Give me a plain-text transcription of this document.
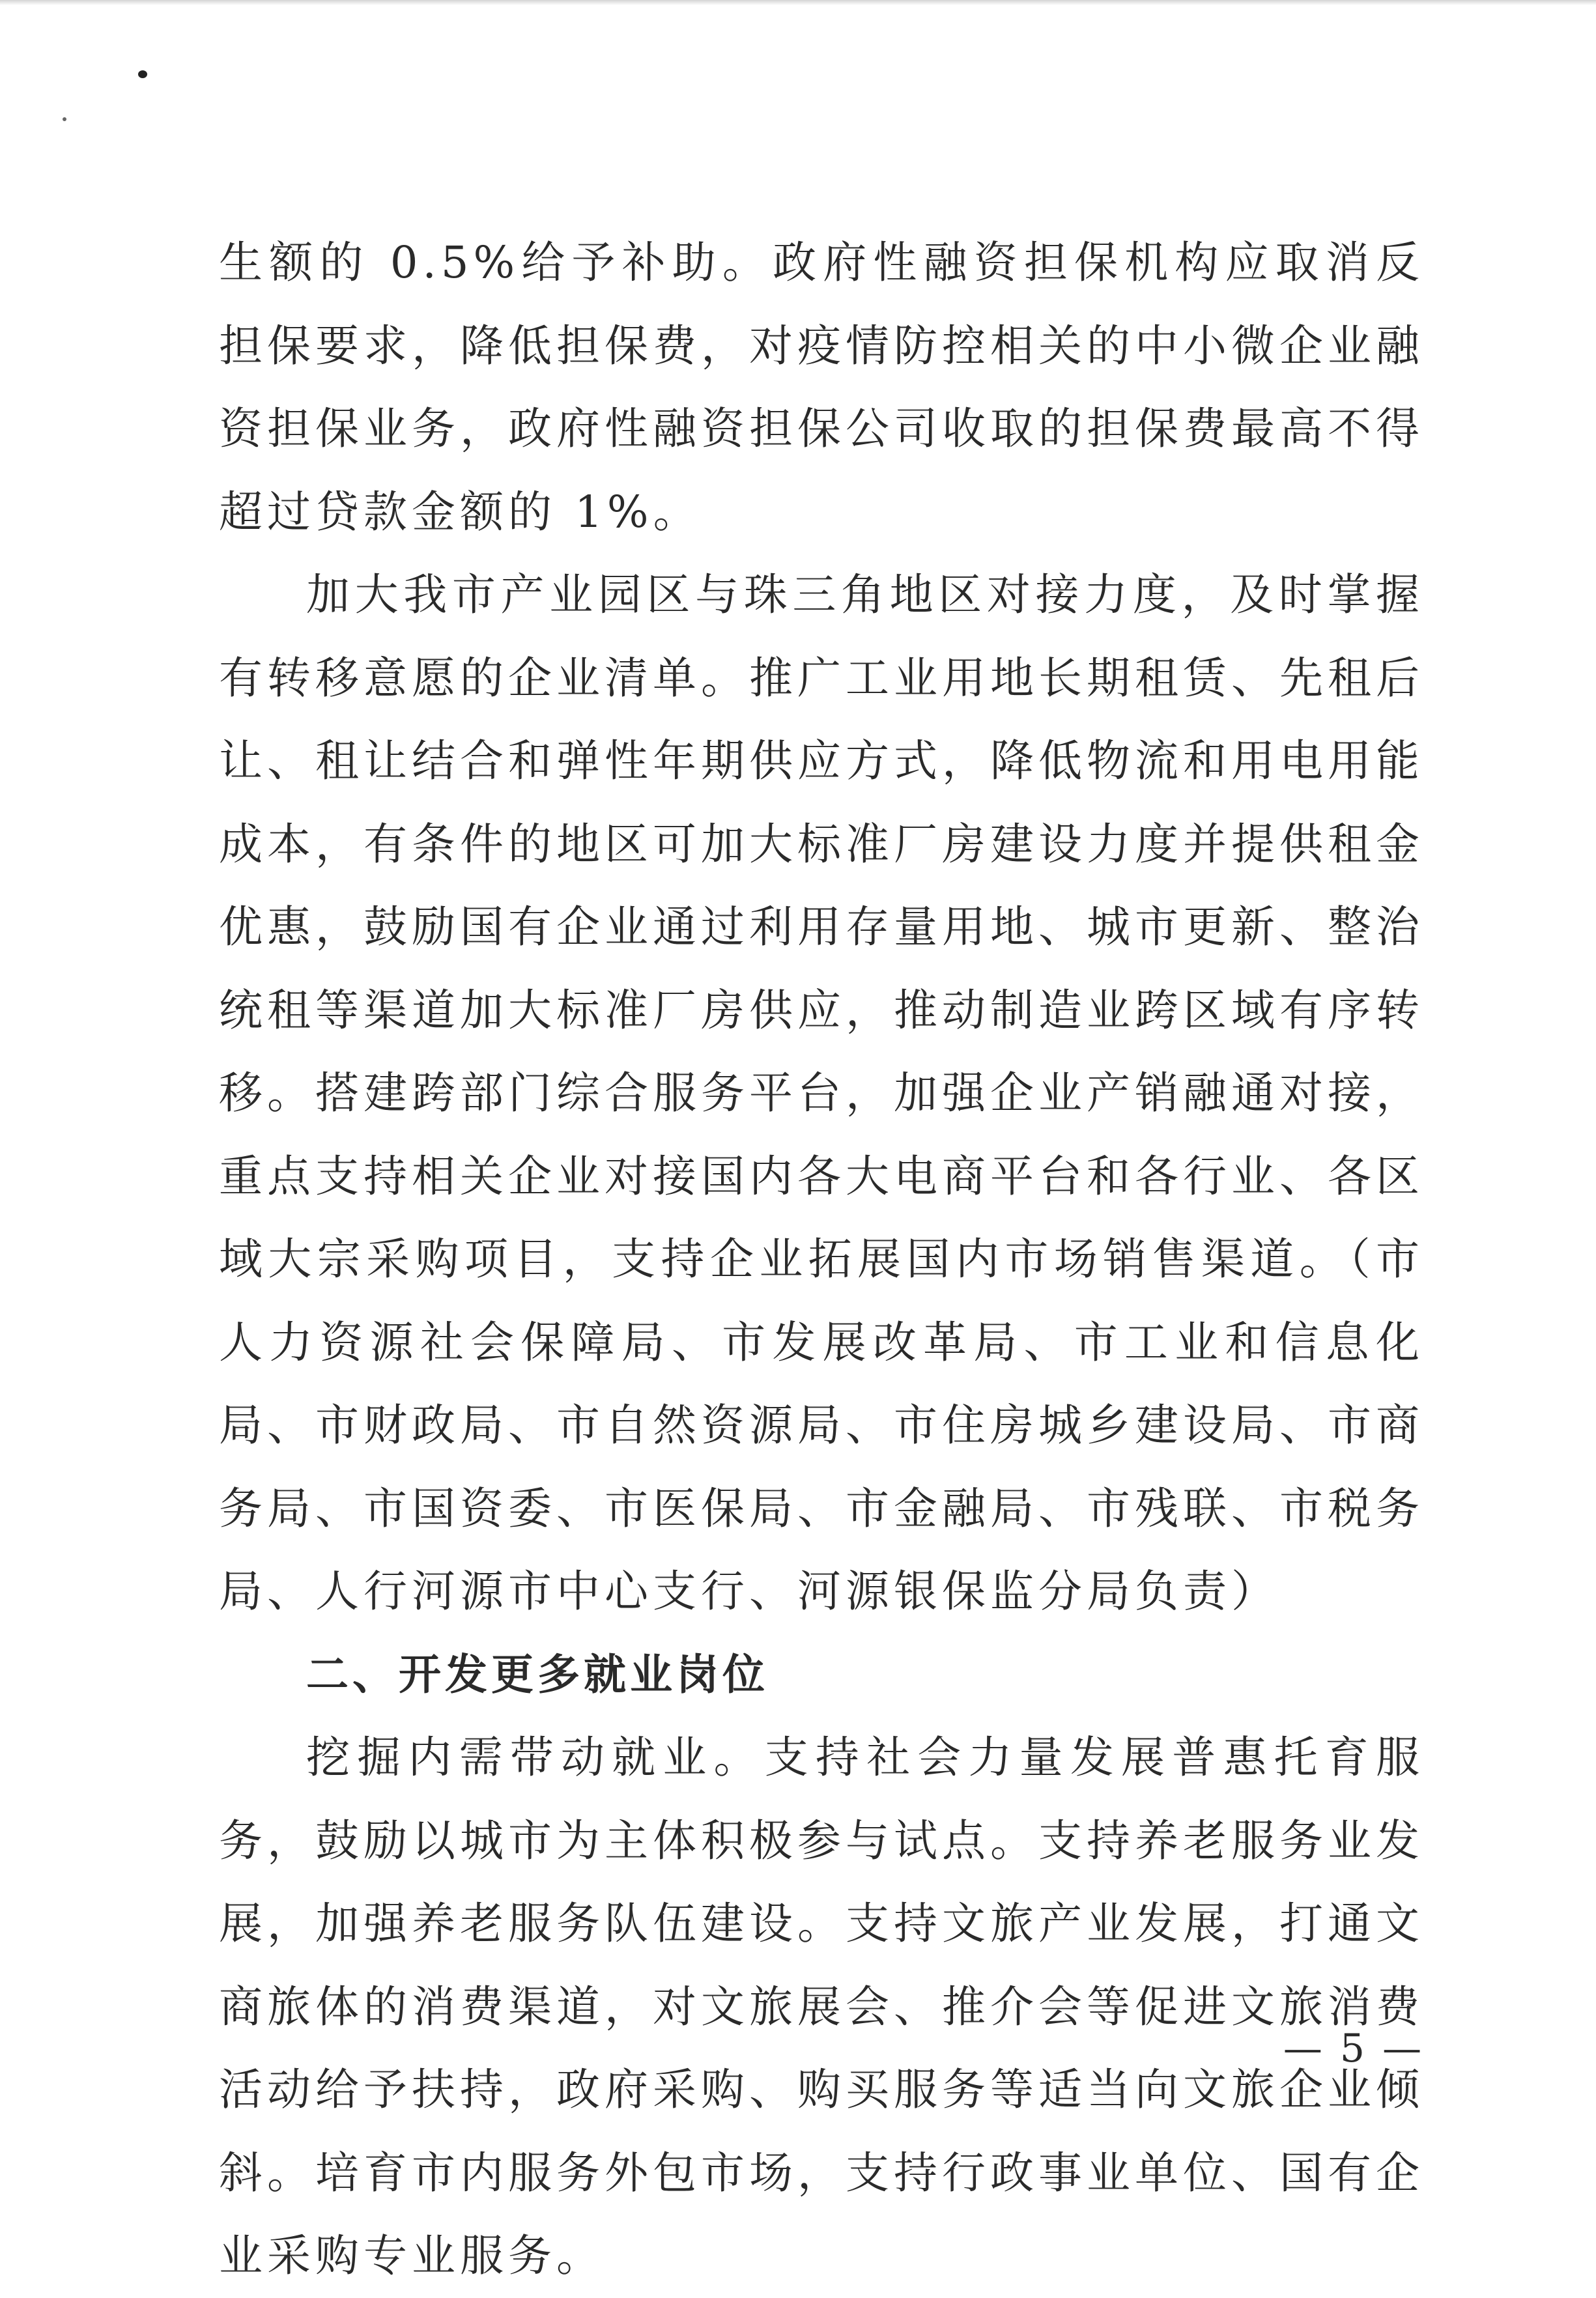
生额的 0.5%给予补助。政府性融资担保机构应取消反担保要求，降低担保费，对疫情防控相关的中小微企业融资担保业务，政府性融资担保公司收取的担保费最高不得超过贷款金额的 1%。

加大我市产业园区与珠三角地区对接力度，及时掌握有转移意愿的企业清单。推广工业用地长期租赁、先租后让、租让结合和弹性年期供应方式，降低物流和用电用能成本，有条件的地区可加大标准厂房建设力度并提供租金优惠，鼓励国有企业通过利用存量用地、城市更新、整治统租等渠道加大标准厂房供应，推动制造业跨区域有序转移。搭建跨部门综合服务平台，加强企业产销融通对接，重点支持相关企业对接国内各大电商平台和各行业、各区域大宗采购项目，支持企业拓展国内市场销售渠道。（市人力资源社会保障局、市发展改革局、市工业和信息化局、市财政局、市自然资源局、市住房城乡建设局、市商务局、市国资委、市医保局、市金融局、市残联、市税务局、人行河源市中心支行、河源银保监分局负责）

二、开发更多就业岗位

挖掘内需带动就业。支持社会力量发展普惠托育服务，鼓励以城市为主体积极参与试点。支持养老服务业发展，加强养老服务队伍建设。支持文旅产业发展，打通文商旅体的消费渠道，对文旅展会、推介会等促进文旅消费活动给予扶持，政府采购、购买服务等适当向文旅企业倾斜。培育市内服务外包市场，支持行政事业单位、国有企业采购专业服务。

— 5 —
